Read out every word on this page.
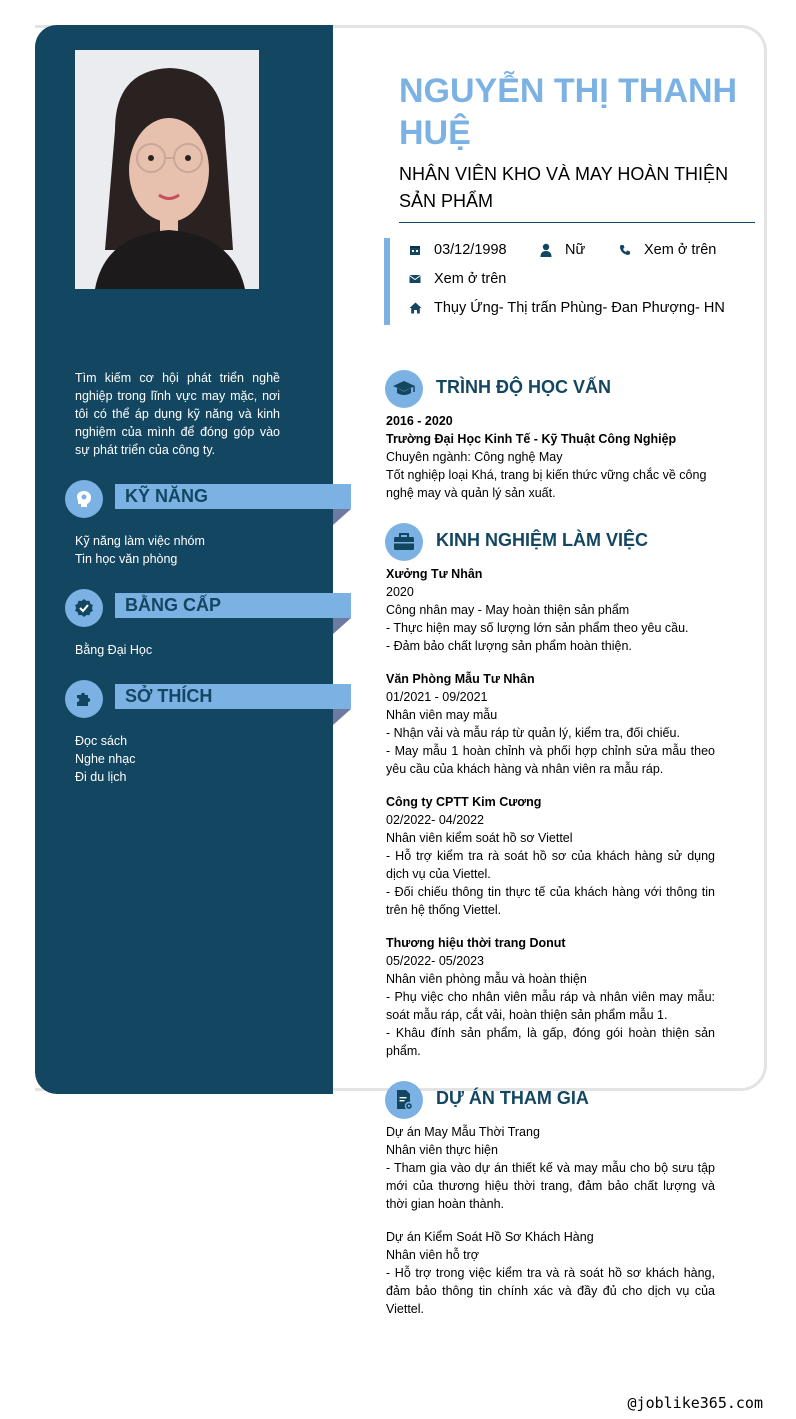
Tìm kiếm cơ hội phát triển nghề nghiệp trong lĩnh vực may mặc, nơi tôi có thể áp dụng kỹ năng và kinh nghiệm của mình để đóng góp vào sự phát triển của công ty.
KỸ NĂNG
Kỹ năng làm việc nhóm
Tin học văn phòng
BẰNG CẤP
Bằng Đại Học
SỞ THÍCH
Đọc sách
Nghe nhạc
Đi du lịch
NGUYỄN THỊ THANH HUỆ
NHÂN VIÊN KHO VÀ MAY HOÀN THIỆN SẢN PHẨM
03/12/1998	Nữ	Xem ở trên
Xem ở trên
Thụy Ứng- Thị trấn Phùng- Đan Phượng- HN
TRÌNH ĐỘ HỌC VẤN
2016 - 2020
Trường Đại Học Kinh Tế - Kỹ Thuật Công Nghiệp
Chuyên ngành: Công nghệ May
Tốt nghiệp loại Khá, trang bị kiến thức vững chắc về công nghệ may và quản lý sản xuất.
KINH NGHIỆM LÀM VIỆC
Xưởng Tư Nhân
2020
Công nhân may - May hoàn thiện sản phẩm
- Thực hiện may số lượng lớn sản phẩm theo yêu cầu.
- Đảm bảo chất lượng sản phẩm hoàn thiện.
Văn Phòng Mẫu Tư Nhân
01/2021 - 09/2021
Nhân viên may mẫu
- Nhận vải và mẫu ráp từ quản lý, kiểm tra, đối chiếu.
- May mẫu 1 hoàn chỉnh và phối hợp chỉnh sửa mẫu theo yêu cầu của khách hàng và nhân viên ra mẫu ráp.
Công ty CPTT Kim Cương
02/2022- 04/2022
Nhân viên kiểm soát hồ sơ Viettel
- Hỗ trợ kiểm tra rà soát hồ sơ của khách hàng sử dụng dịch vụ của Viettel.
- Đối chiếu thông tin thực tế của khách hàng với thông tin trên hệ thống Viettel.
Thương hiệu thời trang Donut
05/2022- 05/2023
Nhân viên phòng mẫu và hoàn thiện
- Phụ việc cho nhân viên mẫu ráp và nhân viên may mẫu: soát mẫu ráp, cắt vải, hoàn thiện sản phẩm mẫu 1.
- Khâu đính sản phẩm, là gấp, đóng gói hoàn thiện sản phẩm.
DỰ ÁN THAM GIA
Dự án May Mẫu Thời Trang
Nhân viên thực hiện
- Tham gia vào dự án thiết kế và may mẫu cho bộ sưu tập mới của thương hiệu thời trang, đảm bảo chất lượng và thời gian hoàn thành.
Dự án Kiểm Soát Hồ Sơ Khách Hàng
Nhân viên hỗ trợ
- Hỗ trợ trong việc kiểm tra và rà soát hồ sơ khách hàng, đảm bảo thông tin chính xác và đầy đủ cho dịch vụ của Viettel.
@joblike365.com
